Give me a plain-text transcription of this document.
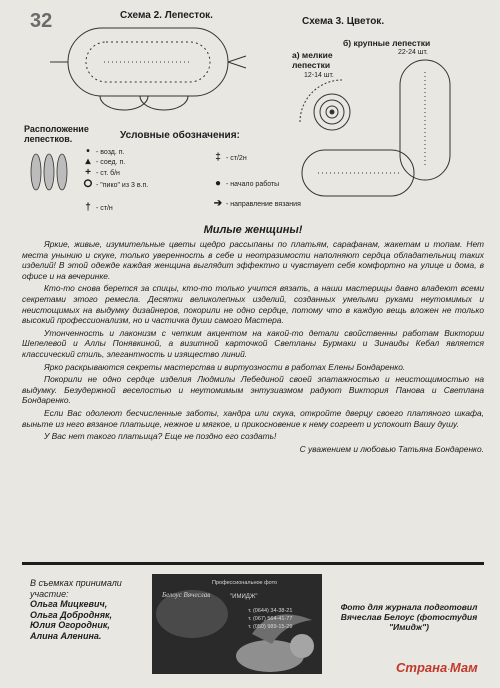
32	Схема 2. Лепесток.
Схема 3. Цветок.
б) крупные лепестки
22-24 шт.
а) мелкие лепестки
12-14 шт.
Расположение лепестков.	Условные обозначения:
• - возд. п.
▴ - соед. п.
+ - ст. б/н
ⵔ - "пико" из 3 в.п.
† - ст/н
‡ - ст/2н
● - начало работы
➔ - направление вязания
Милые женщины!

Яркие, живые, изумительные цветы щедро рассыпаны по платьям, сарафанам, жакетам и топам. Нет места унынию и скуке, только уверенность в себе и неотразимости наполняют сердца обладательниц таких изделий! В этой одежде каждая женщина выглядит эффектно и чувствует себя комфортно на улице и дома, в офисе и на вечеринке.

Кто-то снова берется за спицы, кто-то только учится вязать, а наши мастерицы давно владеют всеми секретами этого ремесла. Десятки великолепных изделий, созданных умелыми руками неутомимых и неистощимых на выдумку дизайнеров, покорили не одно сердце, потому что в каждую вещь вложен не только высокий профессионализм, но и частичка души самого Мастера.

Утонченность и лаконизм с четким акцентом на какой-то детали свойственны работам Виктории Шепелевой и Аллы Понявкиной, а визитной карточкой Светланы Бурмаки и Зинаиды Кебал является классический стиль, элегантность и изящество линий.

Ярко раскрываются секреты мастерства и виртуозности в работах Елены Бондаренко.

Покорили не одно сердце изделия Людмилы Лебединой своей эпатажностью и неистощимостью на выдумку. Безудержной веселостью и неутомимым энтузиазмом радуют Виктория Панова и Светлана Бондаренко.

Если Вас одолеют бесчисленные заботы, хандра или скука, откройте дверцу своего платяного шкафа, выньте из него вязаное платьице, нежное и мягкое, и прикосновение к нему согреет и успокоит Вашу душу.

У Вас нет такого платьица? Еще не поздно его создать!

С уважением и любовью Татьяна Бондаренко.

В съемках принимали участие:
Ольга Мицкевич,
Ольга Добродняк,
Юлия Огородник,
Алина Аленина.
Профессиональное фото
Белоус Вячеслав	"ИМИДЖ"
т. (0644) 34-38-21
т. (067) 564-41-77
т. (050) 989-15-29
Фото для журнала подготовил Вячеслав Белоус (фотостудия "Имидж")
Страна·Мам
